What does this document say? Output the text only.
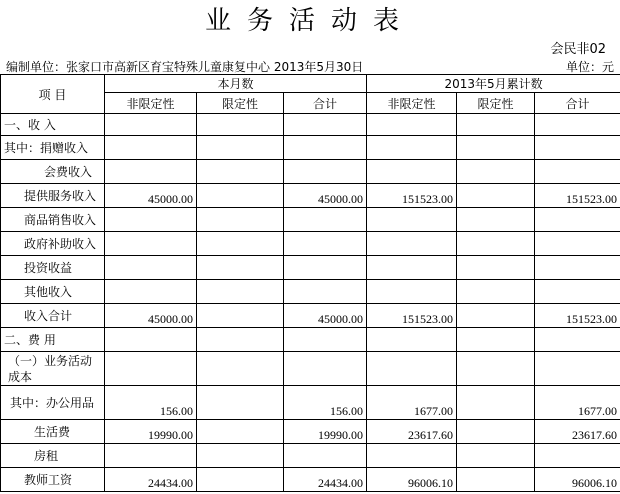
业务活动表
会民非02
编制单位：张家口市高新区育宝特殊儿童康复中心 2013年5月30日	单位：元
项 目	本月数			2013年5月累计数		
	非限定性	限定性	合计	非限定性	限定性	合计
一、收 入						
其中：捐赠收入						
会费收入						
提供服务收入	45000.00		45000.00	151523.00		151523.00
商品销售收入						
政府补助收入						
投资收益						
其他收入						
收入合计	45000.00		45000.00	151523.00		151523.00
二、费 用						
（一）业务活动成本						
其中：办公用品	156.00		156.00	1677.00		1677.00
生活费	19990.00		19990.00	23617.60		23617.60
房租						
教师工资	24434.00		24434.00	96006.10		96006.10
